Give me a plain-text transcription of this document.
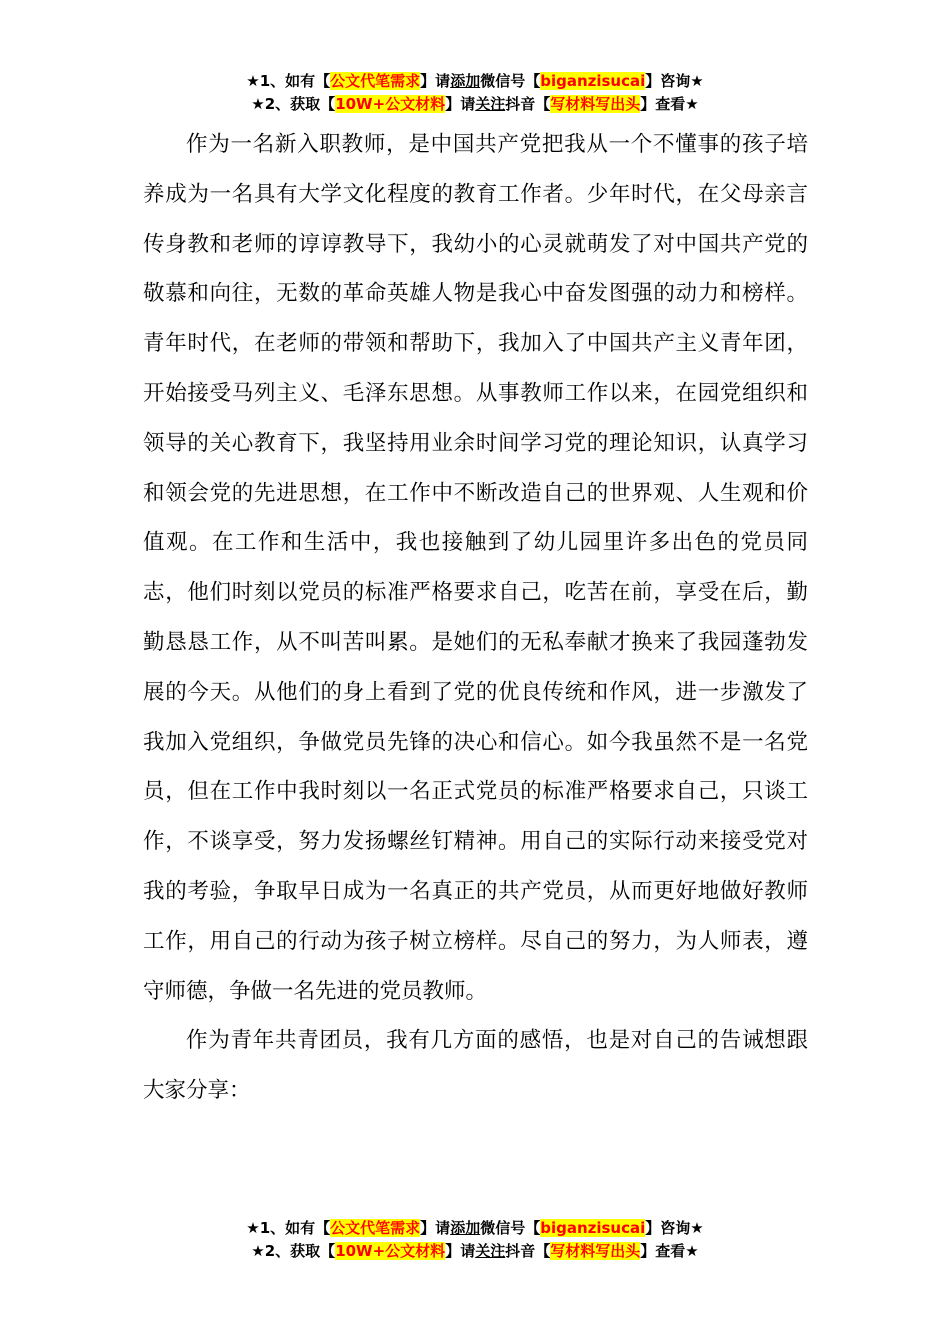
★1、如有【公文代笔需求】请添加微信号【biganzisucai】咨询★
★2、获取【10W+公文材料】请关注抖音【写材料写出头】查看★

作为一名新入职教师，是中国共产党把我从一个不懂事的孩子培养成为一名具有大学文化程度的教育工作者。少年时代，在父母亲言传身教和老师的谆谆教导下，我幼小的心灵就萌发了对中国共产党的敬慕和向往，无数的革命英雄人物是我心中奋发图强的动力和榜样。青年时代，在老师的带领和帮助下，我加入了中国共产主义青年团，开始接受马列主义、毛泽东思想。从事教师工作以来，在园党组织和领导的关心教育下，我坚持用业余时间学习党的理论知识，认真学习和领会党的先进思想，在工作中不断改造自己的世界观、人生观和价值观。在工作和生活中，我也接触到了幼儿园里许多出色的党员同志，他们时刻以党员的标准严格要求自己，吃苦在前，享受在后，勤勤恳恳工作，从不叫苦叫累。是她们的无私奉献才换来了我园蓬勃发展的今天。从他们的身上看到了党的优良传统和作风，进一步激发了我加入党组织，争做党员先锋的决心和信心。如今我虽然不是一名党员，但在工作中我时刻以一名正式党员的标准严格要求自己，只谈工作，不谈享受，努力发扬螺丝钉精神。用自己的实际行动来接受党对我的考验，争取早日成为一名真正的共产党员，从而更好地做好教师工作，用自己的行动为孩子树立榜样。尽自己的努力，为人师表，遵守师德，争做一名先进的党员教师。

作为青年共青团员，我有几方面的感悟，也是对自己的告诫想跟大家分享：

★1、如有【公文代笔需求】请添加微信号【biganzisucai】咨询★
★2、获取【10W+公文材料】请关注抖音【写材料写出头】查看★
